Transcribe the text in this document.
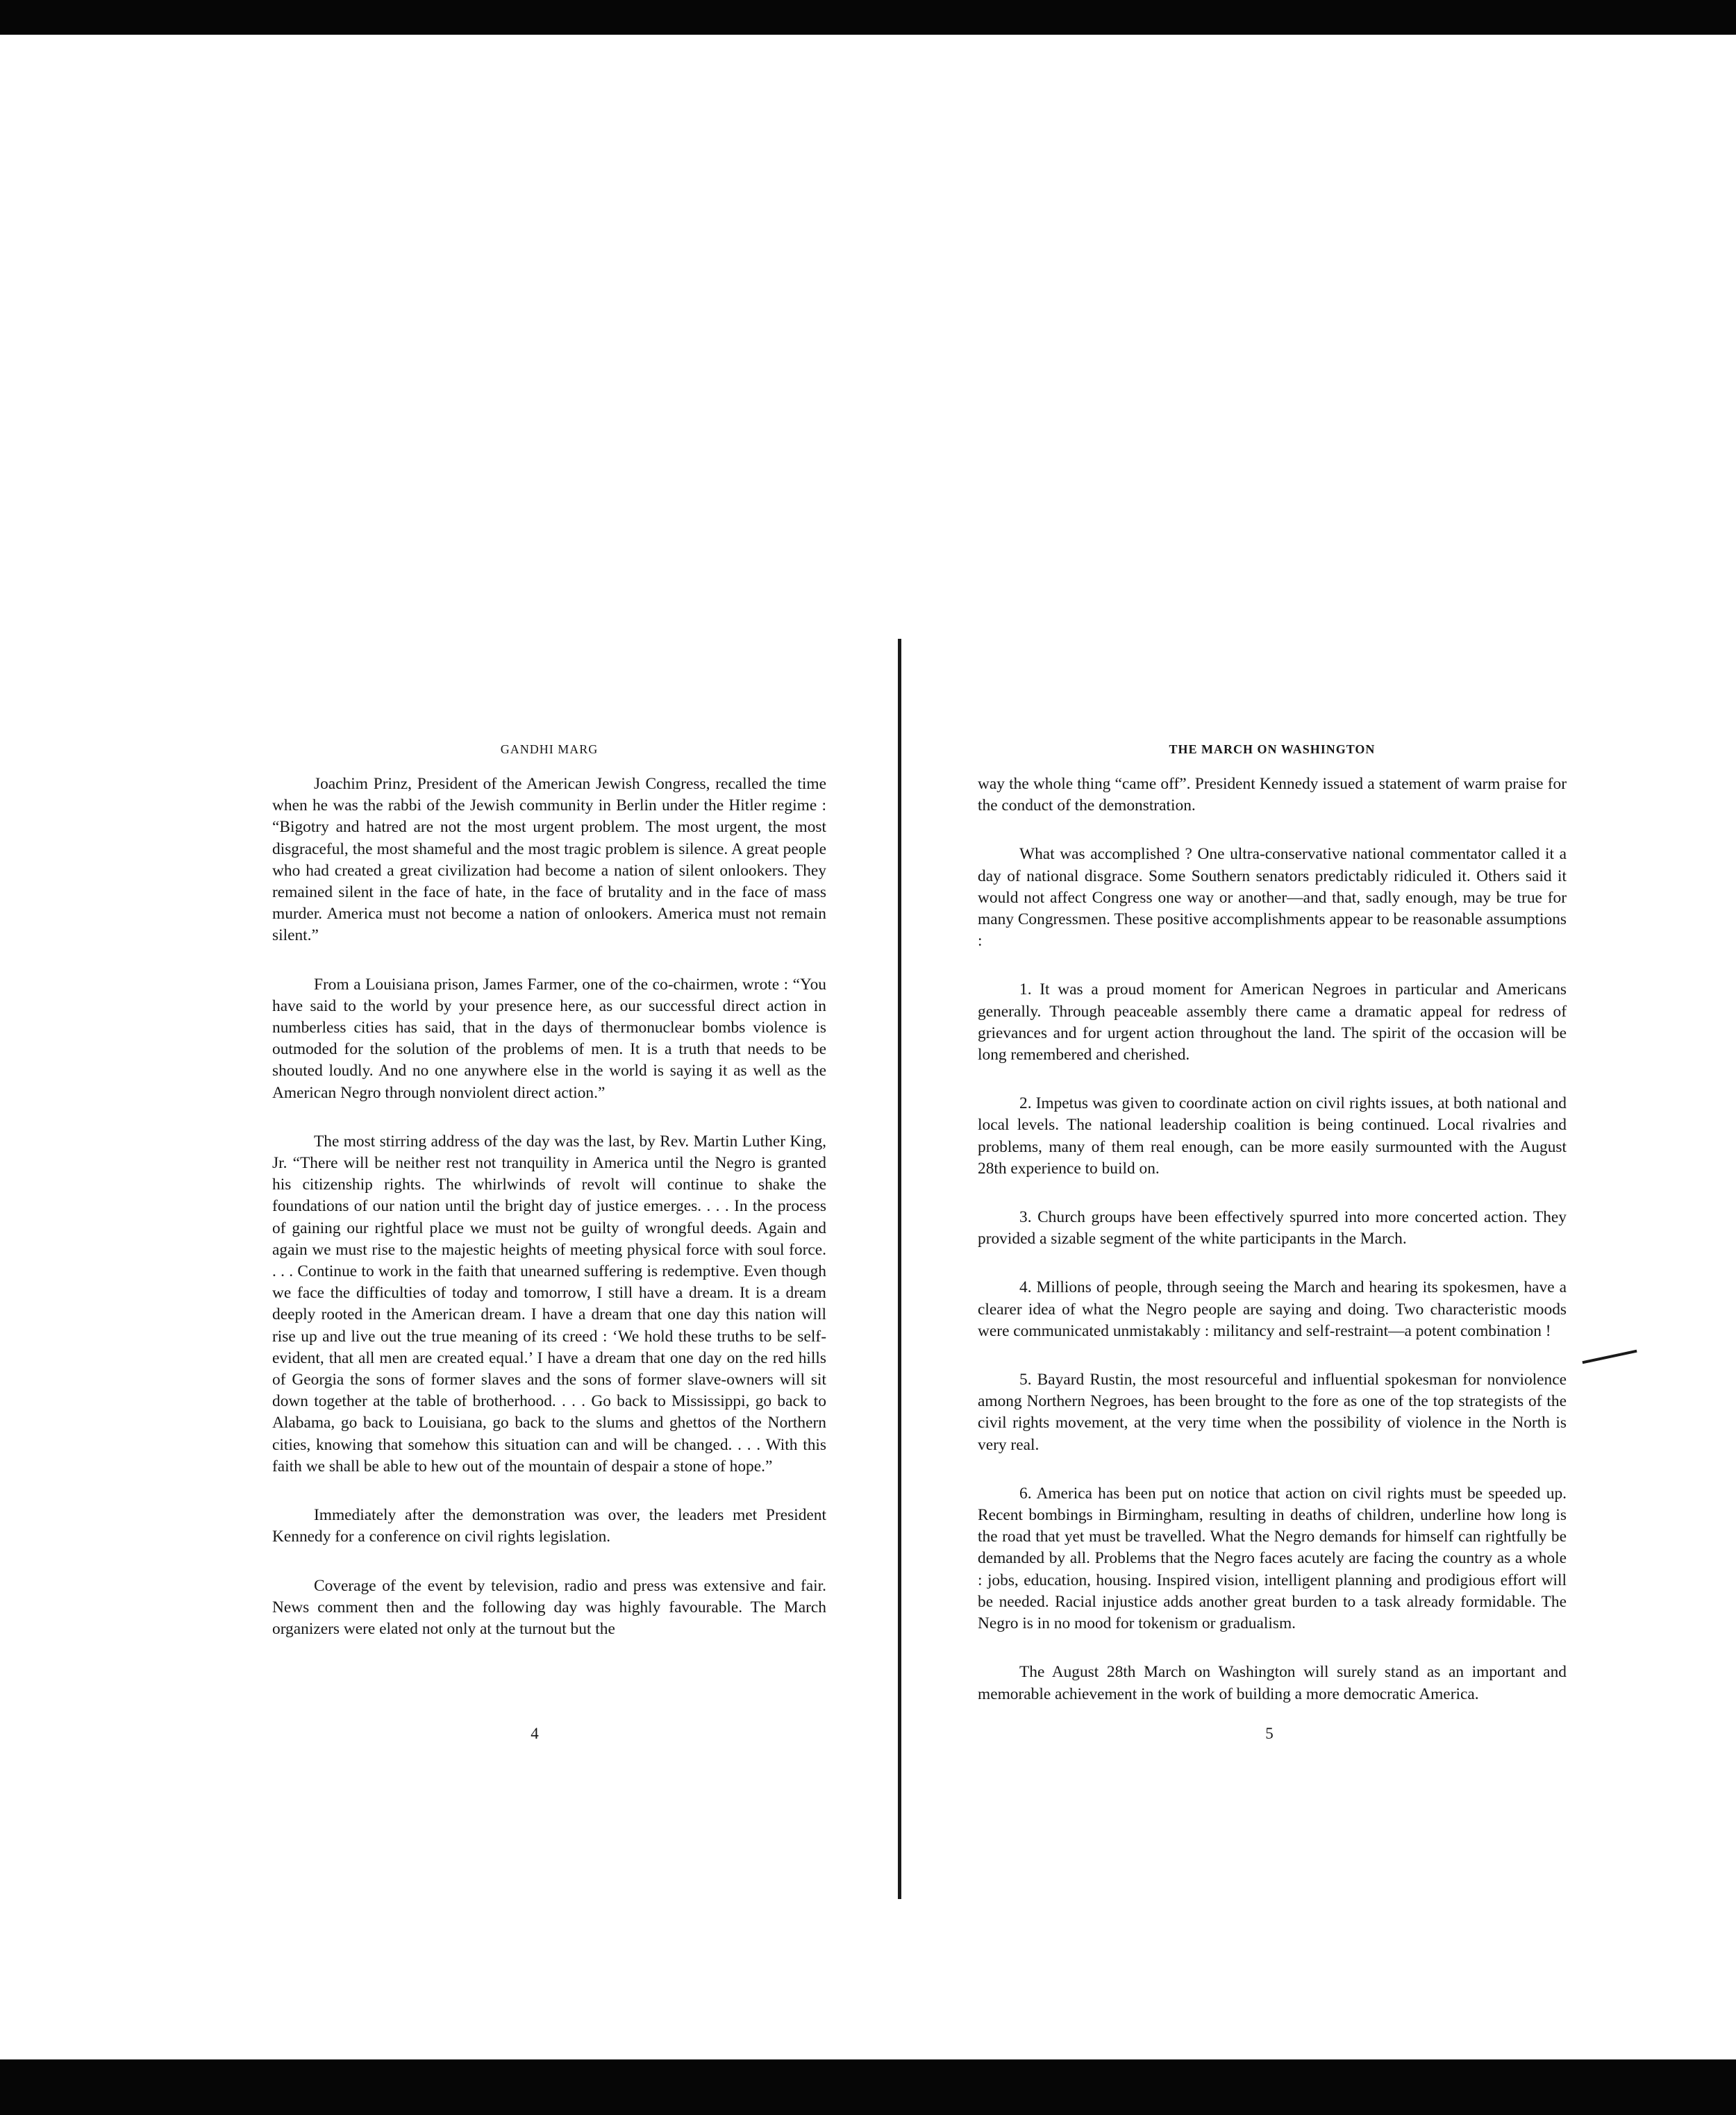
GANDHI MARG

Joachim Prinz, President of the American Jewish Congress, recalled the time when he was the rabbi of the Jewish community in Berlin under the Hitler regime : “Bigotry and hatred are not the most urgent problem. The most urgent, the most disgraceful, the most shameful and the most tragic problem is silence. A great people who had created a great civilization had become a nation of silent onlookers. They remained silent in the face of hate, in the face of brutality and in the face of mass murder. America must not become a nation of onlookers. America must not remain silent.”

From a Louisiana prison, James Farmer, one of the co-chairmen, wrote : “You have said to the world by your presence here, as our successful direct action in numberless cities has said, that in the days of thermonuclear bombs violence is outmoded for the solution of the problems of men. It is a truth that needs to be shouted loudly. And no one anywhere else in the world is saying it as well as the American Negro through nonviolent direct action.”

The most stirring address of the day was the last, by Rev. Martin Luther King, Jr. “There will be neither rest not tranquility in America until the Negro is granted his citizenship rights. The whirlwinds of revolt will continue to shake the foundations of our nation until the bright day of justice emerges. . . . In the process of gaining our rightful place we must not be guilty of wrongful deeds. Again and again we must rise to the majestic heights of meeting physical force with soul force. . . . Continue to work in the faith that unearned suffering is redemptive. Even though we face the difficulties of today and tomorrow, I still have a dream. It is a dream deeply rooted in the American dream. I have a dream that one day this nation will rise up and live out the true meaning of its creed : ‘We hold these truths to be self-evident, that all men are created equal.’ I have a dream that one day on the red hills of Georgia the sons of former slaves and the sons of former slave-owners will sit down together at the table of brotherhood. . . . Go back to Mississippi, go back to Alabama, go back to Louisiana, go back to the slums and ghettos of the Northern cities, knowing that somehow this situation can and will be changed. . . . With this faith we shall be able to hew out of the mountain of despair a stone of hope.”

Immediately after the demonstration was over, the leaders met President Kennedy for a conference on civil rights legislation.

Coverage of the event by television, radio and press was extensive and fair. News comment then and the following day was highly favourable. The March organizers were elated not only at the turnout but the

4
THE MARCH ON WASHINGTON

way the whole thing “came off”. President Kennedy issued a statement of warm praise for the conduct of the demonstration.

What was accomplished ? One ultra-conservative national commentator called it a day of national disgrace. Some Southern senators predictably ridiculed it. Others said it would not affect Congress one way or another—and that, sadly enough, may be true for many Congressmen. These positive accomplishments appear to be reasonable assumptions :

1. It was a proud moment for American Negroes in particular and Americans generally. Through peaceable assembly there came a dramatic appeal for redress of grievances and for urgent action throughout the land. The spirit of the occasion will be long remembered and cherished.

2. Impetus was given to coordinate action on civil rights issues, at both national and local levels. The national leadership coalition is being continued. Local rivalries and problems, many of them real enough, can be more easily surmounted with the August 28th experience to build on.

3. Church groups have been effectively spurred into more concerted action. They provided a sizable segment of the white participants in the March.

4. Millions of people, through seeing the March and hearing its spokesmen, have a clearer idea of what the Negro people are saying and doing. Two characteristic moods were communicated unmistakably : militancy and self-restraint—a potent combination !

5. Bayard Rustin, the most resourceful and influential spokesman for nonviolence among Northern Negroes, has been brought to the fore as one of the top strategists of the civil rights movement, at the very time when the possibility of violence in the North is very real.

6. America has been put on notice that action on civil rights must be speeded up. Recent bombings in Birmingham, resulting in deaths of children, underline how long is the road that yet must be travelled. What the Negro demands for himself can rightfully be demanded by all. Problems that the Negro faces acutely are facing the country as a whole : jobs, education, housing. Inspired vision, intelligent planning and prodigious effort will be needed. Racial injustice adds another great burden to a task already formidable. The Negro is in no mood for tokenism or gradualism.

The August 28th March on Washington will surely stand as an important and memorable achievement in the work of building a more democratic America.

5
